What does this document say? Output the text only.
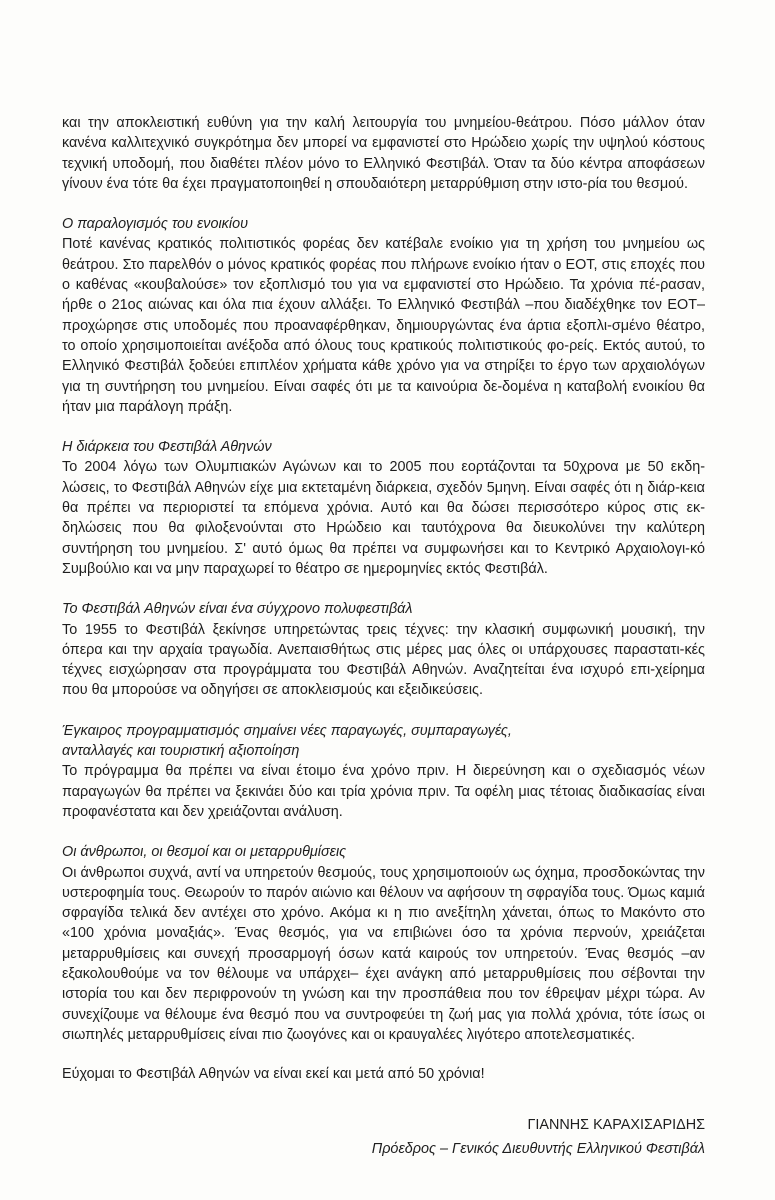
και την αποκλειστική ευθύνη για την καλή λειτουργία του μνημείου-θεάτρου. Πόσο μάλλον όταν κανένα καλλιτεχνικό συγκρότημα δεν μπορεί να εμφανιστεί στο Ηρώδειο χωρίς την υψηλού κόστους τεχνική υποδομή, που διαθέτει πλέον μόνο το Ελληνικό Φεστιβάλ. Όταν τα δύο κέντρα αποφάσεων γίνουν ένα τότε θα έχει πραγματοποιηθεί η σπουδαιότερη μεταρρύθμιση στην ιστο-ρία του θεσμού.

Ο παραλογισμός του ενοικίου

Ποτέ κανένας κρατικός πολιτιστικός φορέας δεν κατέβαλε ενοίκιο για τη χρήση του μνημείου ως θεάτρου. Στο παρελθόν ο μόνος κρατικός φορέας που πλήρωνε ενοίκιο ήταν ο ΕΟΤ, στις εποχές που ο καθένας «κουβαλούσε» τον εξοπλισμό του για να εμφανιστεί στο Ηρώδειο. Τα χρόνια πέ-ρασαν, ήρθε ο 21ος αιώνας και όλα πια έχουν αλλάξει. Το Ελληνικό Φεστιβάλ –που διαδέχθηκε τον ΕΟΤ– προχώρησε στις υποδομές που προαναφέρθηκαν, δημιουργώντας ένα άρτια εξοπλι-σμένο θέατρο, το οποίο χρησιμοποιείται ανέξοδα από όλους τους κρατικούς πολιτιστικούς φο-ρείς. Εκτός αυτού, το Ελληνικό Φεστιβάλ ξοδεύει επιπλέον χρήματα κάθε χρόνο για να στηρίξει το έργο των αρχαιολόγων για τη συντήρηση του μνημείου. Είναι σαφές ότι με τα καινούρια δε-δομένα η καταβολή ενοικίου θα ήταν μια παράλογη πράξη.

Η διάρκεια του Φεστιβάλ Αθηνών

Το 2004 λόγω των Ολυμπιακών Αγώνων και το 2005 που εορτάζονται τα 50χρονα με 50 εκδη-λώσεις, το Φεστιβάλ Αθηνών είχε μια εκτεταμένη διάρκεια, σχεδόν 5μηνη. Είναι σαφές ότι η διάρ-κεια θα πρέπει να περιοριστεί τα επόμενα χρόνια. Αυτό και θα δώσει περισσότερο κύρος στις εκ-δηλώσεις που θα φιλοξενούνται στο Ηρώδειο και ταυτόχρονα θα διευκολύνει την καλύτερη συντήρηση του μνημείου. Σ' αυτό όμως θα πρέπει να συμφωνήσει και το Κεντρικό Αρχαιολογι-κό Συμβούλιο και να μην παραχωρεί το θέατρο σε ημερομηνίες εκτός Φεστιβάλ.

Το Φεστιβάλ Αθηνών είναι ένα σύγχρονο πολυφεστιβάλ

Το 1955 το Φεστιβάλ ξεκίνησε υπηρετώντας τρεις τέχνες: την κλασική συμφωνική μουσική, την όπερα και την αρχαία τραγωδία. Ανεπαισθήτως στις μέρες μας όλες οι υπάρχουσες παραστατι-κές τέχνες εισχώρησαν στα προγράμματα του Φεστιβάλ Αθηνών. Αναζητείται ένα ισχυρό επι-χείρημα που θα μπορούσε να οδηγήσει σε αποκλεισμούς και εξειδικεύσεις.

Έγκαιρος προγραμματισμός σημαίνει νέες παραγωγές, συμπαραγωγές, ανταλλαγές και τουριστική αξιοποίηση

Το πρόγραμμα θα πρέπει να είναι έτοιμο ένα χρόνο πριν. Η διερεύνηση και ο σχεδιασμός νέων παραγωγών θα πρέπει να ξεκινάει δύο και τρία χρόνια πριν. Τα οφέλη μιας τέτοιας διαδικασίας είναι προφανέστατα και δεν χρειάζονται ανάλυση.

Οι άνθρωποι, οι θεσμοί και οι μεταρρυθμίσεις

Οι άνθρωποι συχνά, αντί να υπηρετούν θεσμούς, τους χρησιμοποιούν ως όχημα, προσδοκώντας την υστεροφημία τους. Θεωρούν το παρόν αιώνιο και θέλουν να αφήσουν τη σφραγίδα τους. Όμως καμιά σφραγίδα τελικά δεν αντέχει στο χρόνο. Ακόμα κι η πιο ανεξίτηλη χάνεται, όπως το Μακόντο στο «100 χρόνια μοναξιάς». Ένας θεσμός, για να επιβιώνει όσο τα χρόνια περνούν, χρειάζεται μεταρρυθμίσεις και συνεχή προσαρμογή όσων κατά καιρούς τον υπηρετούν. Ένας θεσμός –αν εξακολουθούμε να τον θέλουμε να υπάρχει– έχει ανάγκη από μεταρρυθμίσεις που σέβονται την ιστορία του και δεν περιφρονούν τη γνώση και την προσπάθεια που τον έθρεψαν μέχρι τώρα. Αν συνεχίζουμε να θέλουμε ένα θεσμό που να συντροφεύει τη ζωή μας για πολλά χρόνια, τότε ίσως οι σιωπηλές μεταρρυθμίσεις είναι πιο ζωογόνες και οι κραυγαλέες λιγότερο αποτελεσματικές.

Εύχομαι το Φεστιβάλ Αθηνών να είναι εκεί και μετά από 50 χρόνια!

ΓΙΑΝΝΗΣ ΚΑΡΑΧΙΣΑΡΙΔΗΣ
Πρόεδρος – Γενικός Διευθυντής Ελληνικού Φεστιβάλ
